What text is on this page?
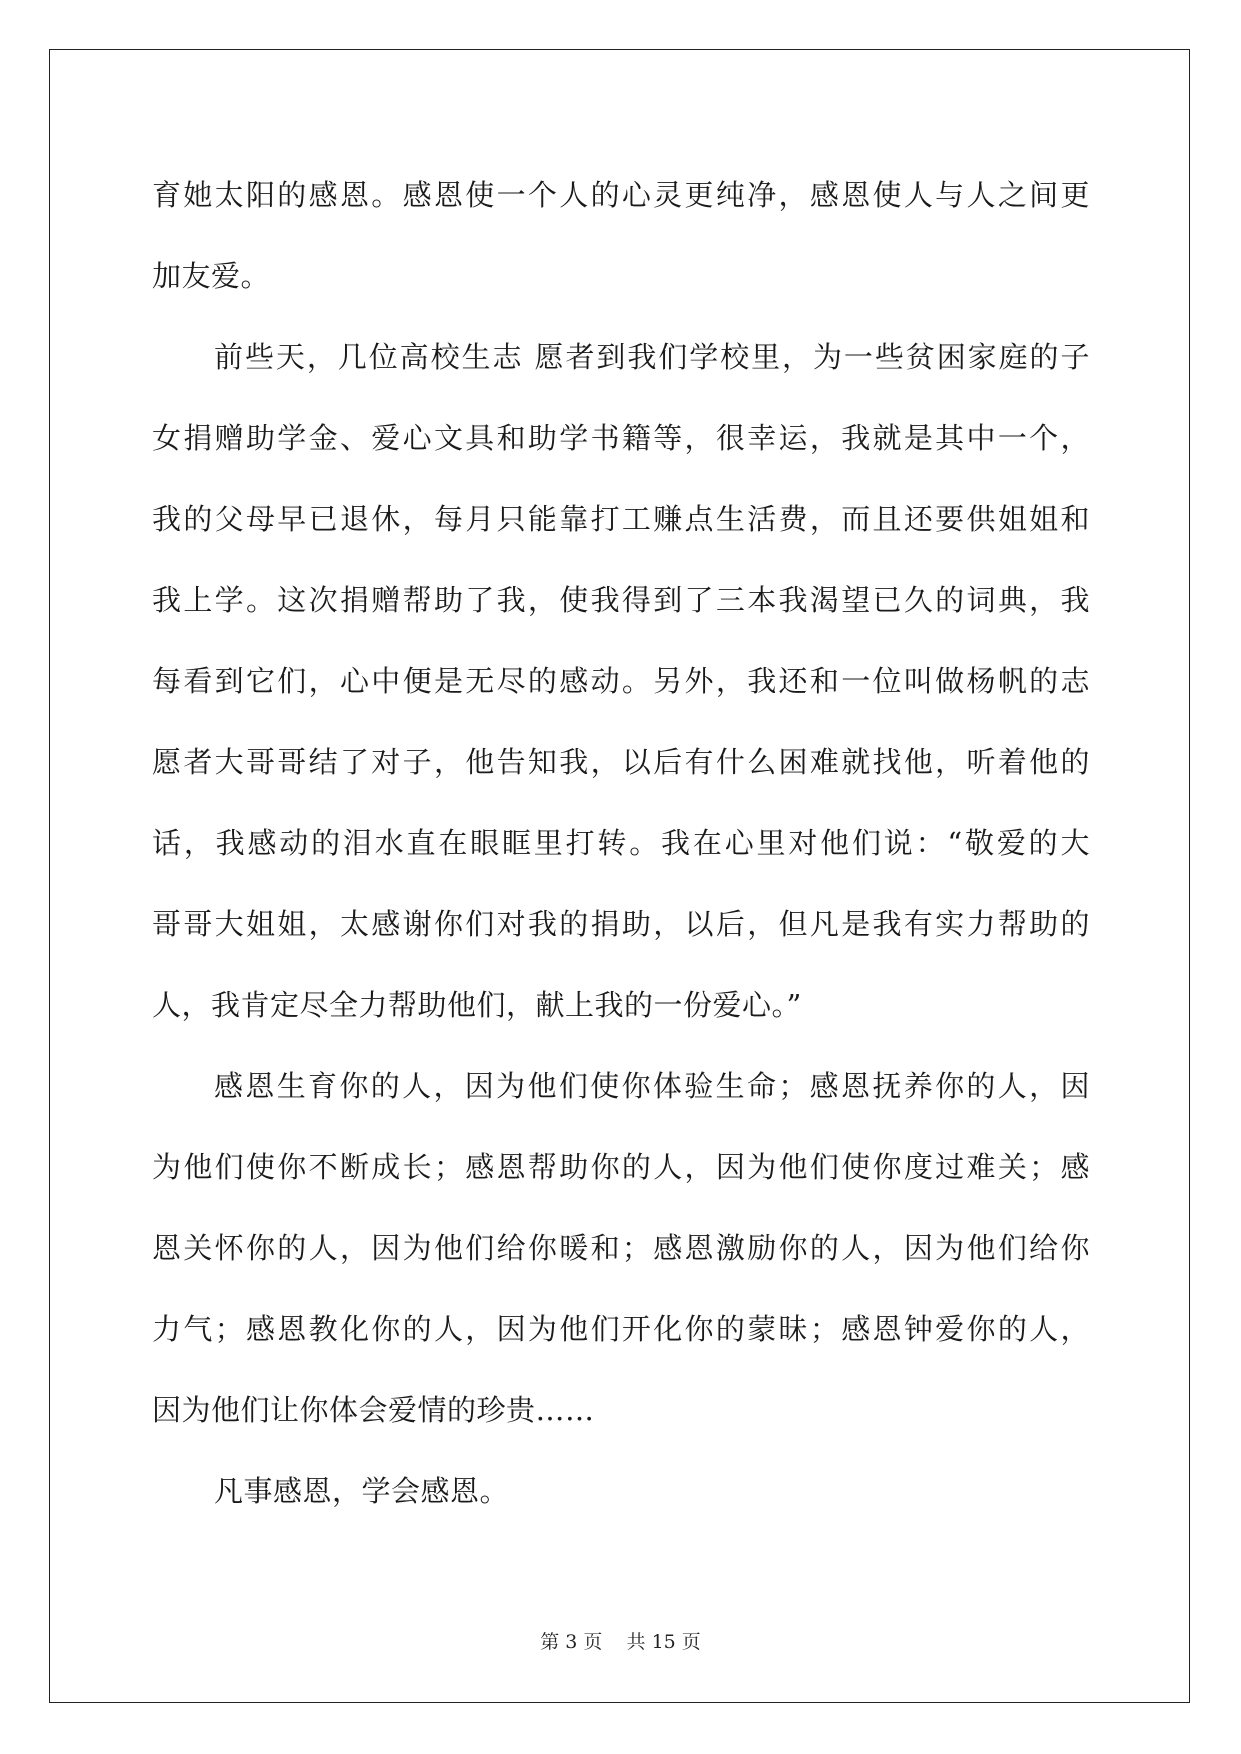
育她太阳的感恩。感恩使一个人的心灵更纯净，感恩使人与人之间更
加友爱。
前些天，几位高校生志 愿者到我们学校里，为一些贫困家庭的子
女捐赠助学金、爱心文具和助学书籍等，很幸运，我就是其中一个，
我的父母早已退休，每月只能靠打工赚点生活费，而且还要供姐姐和
我上学。这次捐赠帮助了我，使我得到了三本我渴望已久的词典，我
每看到它们，心中便是无尽的感动。另外，我还和一位叫做杨帆的志
愿者大哥哥结了对子，他告知我，以后有什么困难就找他，听着他的
话，我感动的泪水直在眼眶里打转。我在心里对他们说：“敬爱的大
哥哥大姐姐，太感谢你们对我的捐助，以后，但凡是我有实力帮助的
人，我肯定尽全力帮助他们，献上我的一份爱心。”
感恩生育你的人，因为他们使你体验生命；感恩抚养你的人，因
为他们使你不断成长；感恩帮助你的人，因为他们使你度过难关；感
恩关怀你的人，因为他们给你暖和；感恩激励你的人，因为他们给你
力气；感恩教化你的人，因为他们开化你的蒙昧；感恩钟爱你的人，
因为他们让你体会爱情的珍贵……
凡事感恩，学会感恩。
第 3 页    共 15 页
